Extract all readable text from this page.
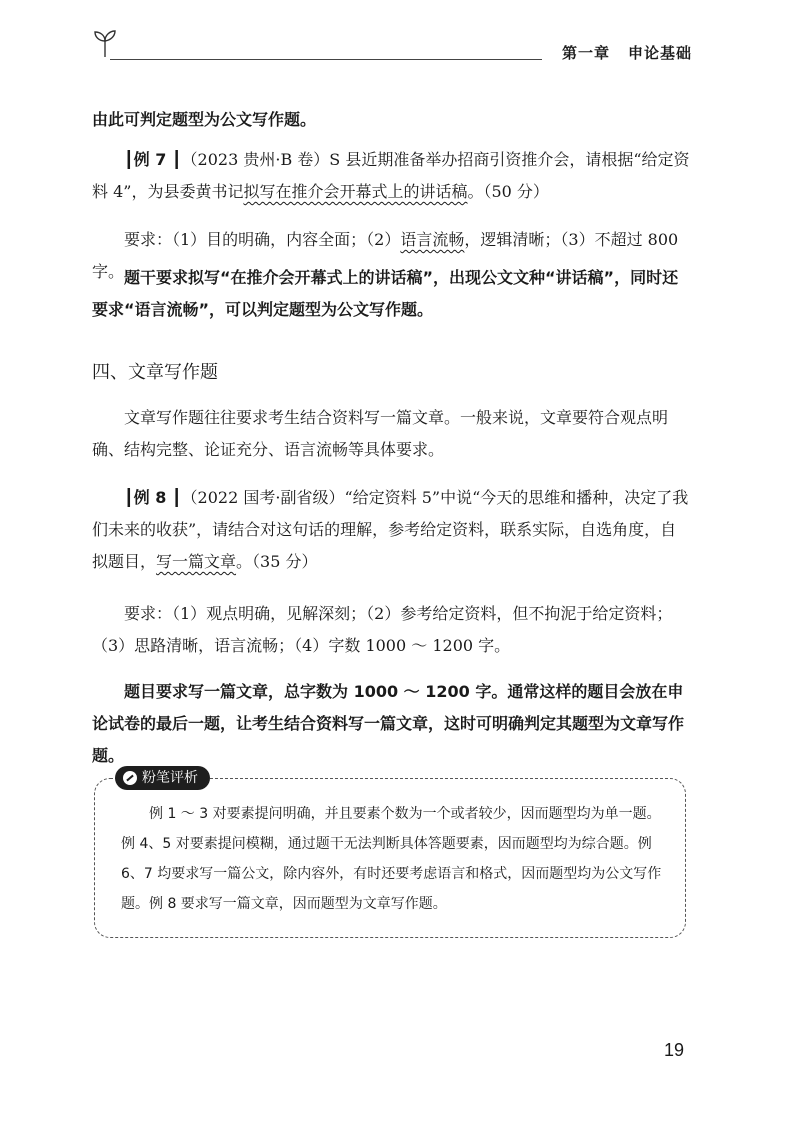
第一章 申论基础

由此可判定题型为公文写作题。

┃例 7 ┃（2023 贵州·B 卷）S 县近期准备举办招商引资推介会，请根据“给定资料 4”，为县委黄书记拟写在推介会开幕式上的讲话稿。（50 分）

要求：（1）目的明确，内容全面；（2）语言流畅，逻辑清晰；（3）不超过 800 字。 题干要求拟写“在推介会开幕式上的讲话稿”，出现公文文种“讲话稿”，同时还要求“语言流畅”，可以判定题型为公文写作题。

四、文章写作题

文章写作题往往要求考生结合资料写一篇文章。一般来说，文章要符合观点明确、结构完整、论证充分、语言流畅等具体要求。

┃例 8 ┃（2022 国考·副省级）“给定资料 5”中说“今天的思维和播种，决定了我们未来的收获”，请结合对这句话的理解，参考给定资料，联系实际，自选角度，自拟题目，写一篇文章。（35 分）

要求：（1）观点明确，见解深刻；（2）参考给定资料，但不拘泥于给定资料；（3）思路清晰，语言流畅；（4）字数 1000 ～ 1200 字。

题目要求写一篇文章，总字数为 1000 ～ 1200 字。通常这样的题目会放在申论试卷的最后一题，让考生结合资料写一篇文章，这时可明确判定其题型为文章写作题。

粉笔评析

例 1 ～ 3 对要素提问明确，并且要素个数为一个或者较少，因而题型均为单一题。例 4、5 对要素提问模糊，通过题干无法判断具体答题要素，因而题型均为综合题。例 6、7 均要求写一篇公文，除内容外，有时还要考虑语言和格式，因而题型均为公文写作题。例 8 要求写一篇文章，因而题型为文章写作题。

19
